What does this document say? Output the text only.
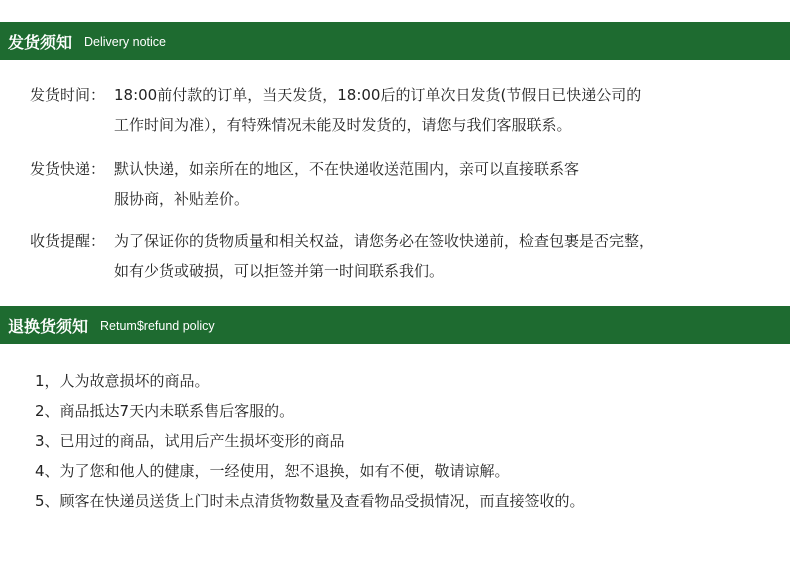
发货须知 Delivery notice
发货时间： 18:00前付款的订单，当天发货，18:00后的订单次日发货(节假日已快递公司的
工作时间为准），有特殊情况未能及时发货的，请您与我们客服联系。
发货快递： 默认快递，如亲所在的地区，不在快递收送范围内，亲可以直接联系客
服协商，补贴差价。
收货提醒： 为了保证你的货物质量和相关权益，请您务必在签收快递前，检查包裹是否完整，
如有少货或破损，可以拒签并第一时间联系我们。
退换货须知 Retum$refund policy
1，人为故意损坏的商品。
2、商品抵达7天内未联系售后客服的。
3、已用过的商品，试用后产生损坏变形的商品
4、为了您和他人的健康，一经使用，恕不退换，如有不便，敬请谅解。
5、顾客在快递员送货上门时未点清货物数量及查看物品受损情况，而直接签收的。
